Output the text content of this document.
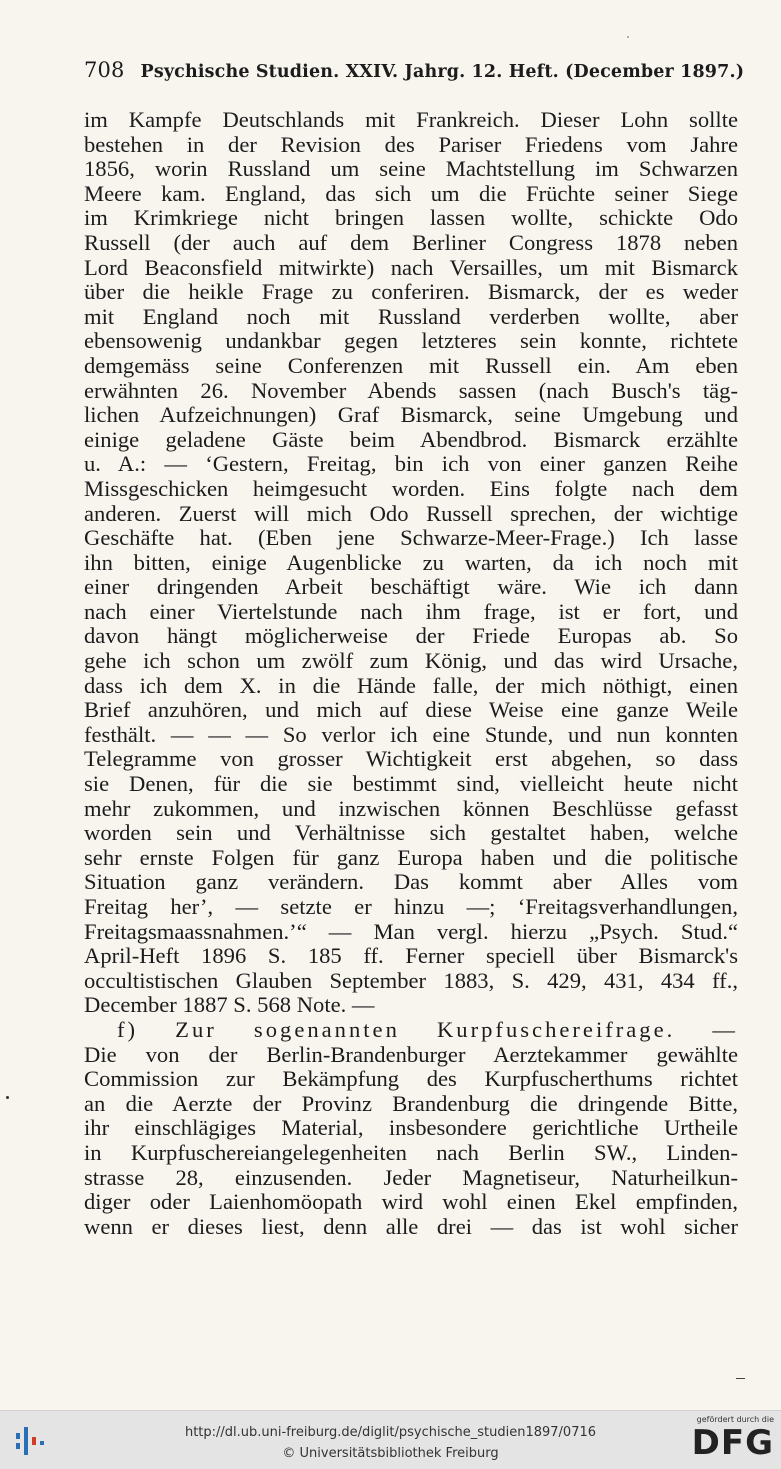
708 Psychische Studien. XXIV. Jahrg. 12. Heft. (December 1897.)
im Kampfe Deutschlands mit Frankreich. Dieser Lohn sollte
bestehen in der Revision des Pariser Friedens vom Jahre
1856, worin Russland um seine Machtstellung im Schwarzen
Meere kam. England, das sich um die Früchte seiner Siege
im Krimkriege nicht bringen lassen wollte, schickte Odo
Russell (der auch auf dem Berliner Congress 1878 neben
Lord Beaconsfield mitwirkte) nach Versailles, um mit Bismarck
über die heikle Frage zu conferiren. Bismarck, der es weder
mit England noch mit Russland verderben wollte, aber
ebensowenig undankbar gegen letzteres sein konnte, richtete
demgemäss seine Conferenzen mit Russell ein. Am eben
erwähnten 26. November Abends sassen (nach Busch's täg-
lichen Aufzeichnungen) Graf Bismarck, seine Umgebung und
einige geladene Gäste beim Abendbrod. Bismarck erzählte
u. A.: — ‘Gestern, Freitag, bin ich von einer ganzen Reihe
Missgeschicken heimgesucht worden. Eins folgte nach dem
anderen. Zuerst will mich Odo Russell sprechen, der wichtige
Geschäfte hat. (Eben jene Schwarze-Meer-Frage.) Ich lasse
ihn bitten, einige Augenblicke zu warten, da ich noch mit
einer dringenden Arbeit beschäftigt wäre. Wie ich dann
nach einer Viertelstunde nach ihm frage, ist er fort, und
davon hängt möglicherweise der Friede Europas ab. So
gehe ich schon um zwölf zum König, und das wird Ursache,
dass ich dem X. in die Hände falle, der mich nöthigt, einen
Brief anzuhören, und mich auf diese Weise eine ganze Weile
festhält. — — — So verlor ich eine Stunde, und nun konnten
Telegramme von grosser Wichtigkeit erst abgehen, so dass
sie Denen, für die sie bestimmt sind, vielleicht heute nicht
mehr zukommen, und inzwischen können Beschlüsse gefasst
worden sein und Verhältnisse sich gestaltet haben, welche
sehr ernste Folgen für ganz Europa haben und die politische
Situation ganz verändern. Das kommt aber Alles vom
Freitag her’, — setzte er hinzu —; ‘Freitagsverhandlungen,
Freitagsmaassnahmen.’“ — Man vergl. hierzu „Psych. Stud.“
April-Heft 1896 S. 185 ff. Ferner speciell über Bismarck's
occultistischen Glauben September 1883, S. 429, 431, 434 ff.,
December 1887 S. 568 Note. —
f) Zur sogenannten Kurpfuschereifrage. —
Die von der Berlin-Brandenburger Aerztekammer gewählte
Commission zur Bekämpfung des Kurpfuscherthums richtet
an die Aerzte der Provinz Brandenburg die dringende Bitte,
ihr einschlägiges Material, insbesondere gerichtliche Urtheile
in Kurpfuschereiangelegenheiten nach Berlin SW., Linden-
strasse 28, einzusenden. Jeder Magnetiseur, Naturheilkun-
diger oder Laienhomöopath wird wohl einen Ekel empfinden,
wenn er dieses liest, denn alle drei — das ist wohl sicher
http://dl.ub.uni-freiburg.de/diglit/psychische_studien1897/0716
© Universitätsbibliothek Freiburg
gefördert durch die
DFG
